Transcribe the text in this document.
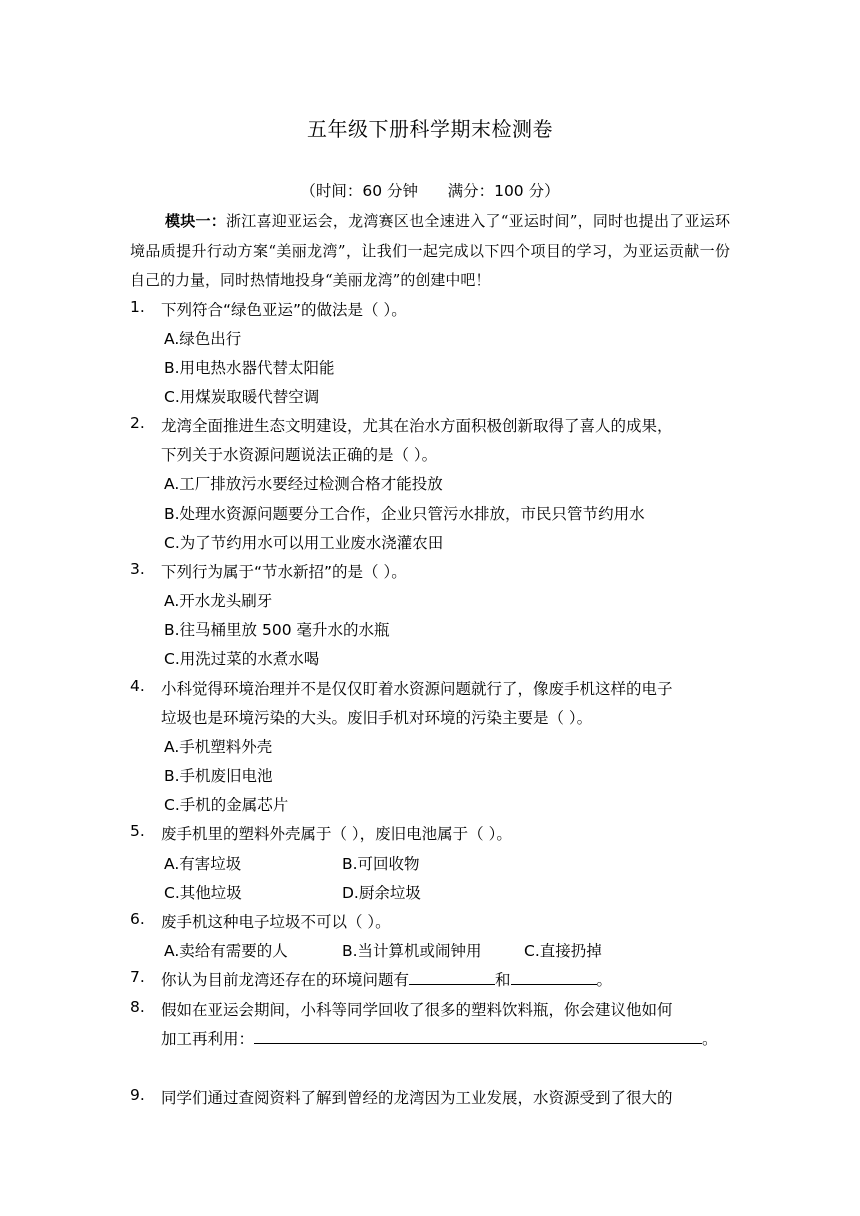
五年级下册科学期末检测卷
（时间：60 分钟      满分：100 分）
模块一：浙江喜迎亚运会，龙湾赛区也全速进入了“亚运时间”，同时也提出了亚运环境品质提升行动方案“美丽龙湾”，让我们一起完成以下四个项目的学习，为亚运贡献一份自己的力量，同时热情地投身“美丽龙湾”的创建中吧！
1. 下列符合“绿色亚运”的做法是（ ）。
A.绿色出行
B.用电热水器代替太阳能
C.用煤炭取暖代替空调
2. 龙湾全面推进生态文明建设，尤其在治水方面积极创新取得了喜人的成果，
下列关于水资源问题说法正确的是（ ）。
A.工厂排放污水要经过检测合格才能投放
B.处理水资源问题要分工合作，企业只管污水排放，市民只管节约用水
C.为了节约用水可以用工业废水浇灌农田
3. 下列行为属于“节水新招”的是（ ）。
A.开水龙头刷牙
B.往马桶里放 500 毫升水的水瓶
C.用洗过菜的水煮水喝
4. 小科觉得环境治理并不是仅仅盯着水资源问题就行了，像废手机这样的电子
垃圾也是环境污染的大头。废旧手机对环境的污染主要是（ ）。
A.手机塑料外壳
B.手机废旧电池
C.手机的金属芯片
5. 废手机里的塑料外壳属于（ ），废旧电池属于（ ）。
A.有害垃圾	B.可回收物
C.其他垃圾	D.厨余垃圾
6. 废手机这种电子垃圾不可以（ ）。
A.卖给有需要的人	B.当计算机或闹钟用	C.直接扔掉
7. 你认为目前龙湾还存在的环境问题有	和	。
8. 假如在亚运会期间，小科等同学回收了很多的塑料饮料瓶，你会建议他如何
加工再利用：	。
9. 同学们通过查阅资料了解到曾经的龙湾因为工业发展，水资源受到了很大的
